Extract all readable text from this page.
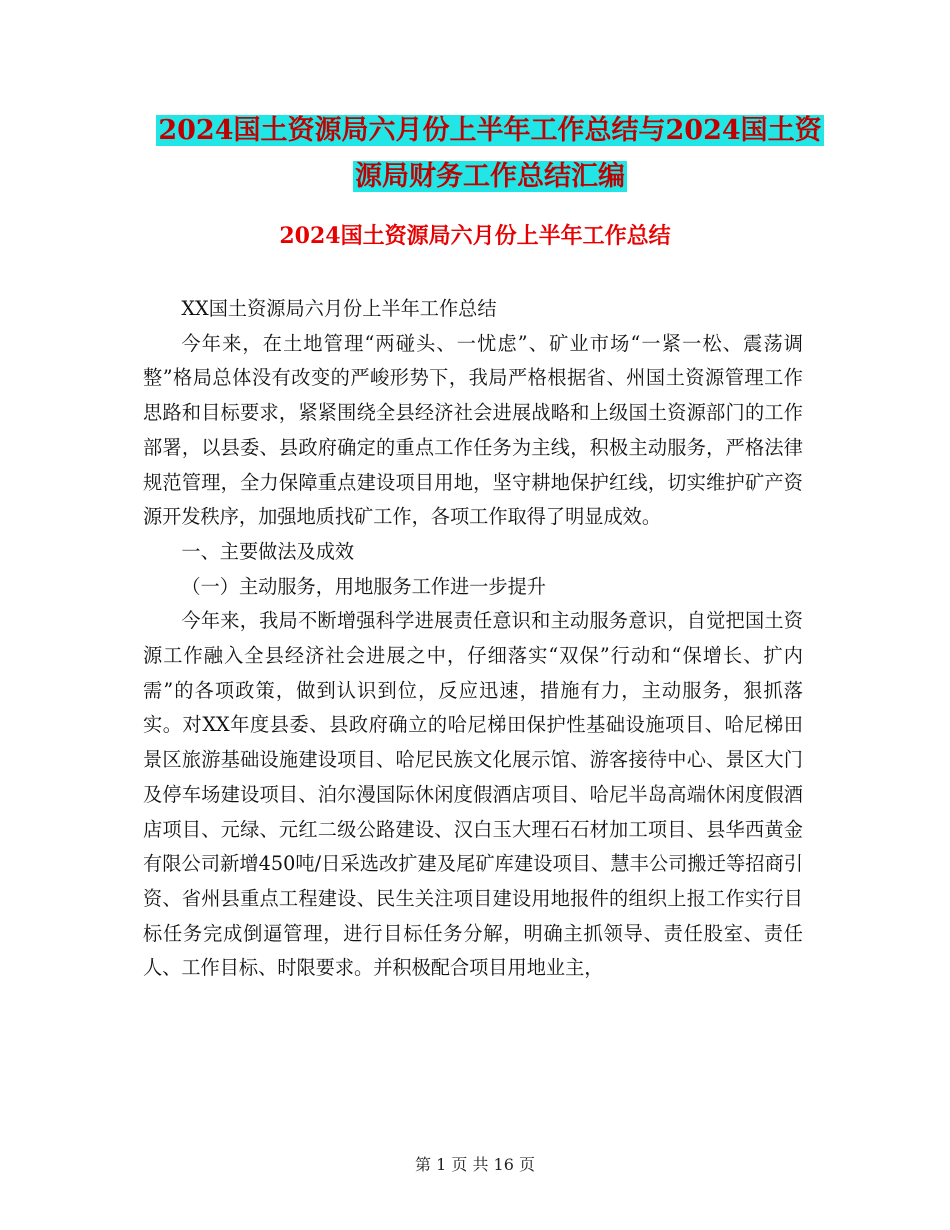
2024国土资源局六月份上半年工作总结与2024国土资
源局财务工作总结汇编
2024国土资源局六月份上半年工作总结

XX国土资源局六月份上半年工作总结

今年来，在土地管理“两碰头、一忧虑”、矿业市场“一紧一松、震荡调整”格局总体没有改变的严峻形势下，我局严格根据省、州国土资源管理工作思路和目标要求，紧紧围绕全县经济社会进展战略和上级国土资源部门的工作部署，以县委、县政府确定的重点工作任务为主线，积极主动服务，严格法律规范管理，全力保障重点建设项目用地，坚守耕地保护红线，切实维护矿产资源开发秩序，加强地质找矿工作，各项工作取得了明显成效。

一、主要做法及成效

（一）主动服务，用地服务工作进一步提升

今年来，我局不断增强科学进展责任意识和主动服务意识，自觉把国土资源工作融入全县经济社会进展之中，仔细落实“双保”行动和“保增长、扩内需”的各项政策，做到认识到位，反应迅速，措施有力，主动服务，狠抓落实。对XX年度县委、县政府确立的哈尼梯田保护性基础设施项目、哈尼梯田景区旅游基础设施建设项目、哈尼民族文化展示馆、游客接待中心、景区大门及停车场建设项目、泊尔漫国际休闲度假酒店项目、哈尼半岛高端休闲度假酒店项目、元绿、元红二级公路建设、汉白玉大理石石材加工项目、县华西黄金有限公司新增450吨/日采选改扩建及尾矿库建设项目、慧丰公司搬迁等招商引资、省州县重点工程建设、民生关注项目建设用地报件的组织上报工作实行目标任务完成倒逼管理，进行目标任务分解，明确主抓领导、责任股室、责任人、工作目标、时限要求。并积极配合项目用地业主，

第 1 页 共 16 页
